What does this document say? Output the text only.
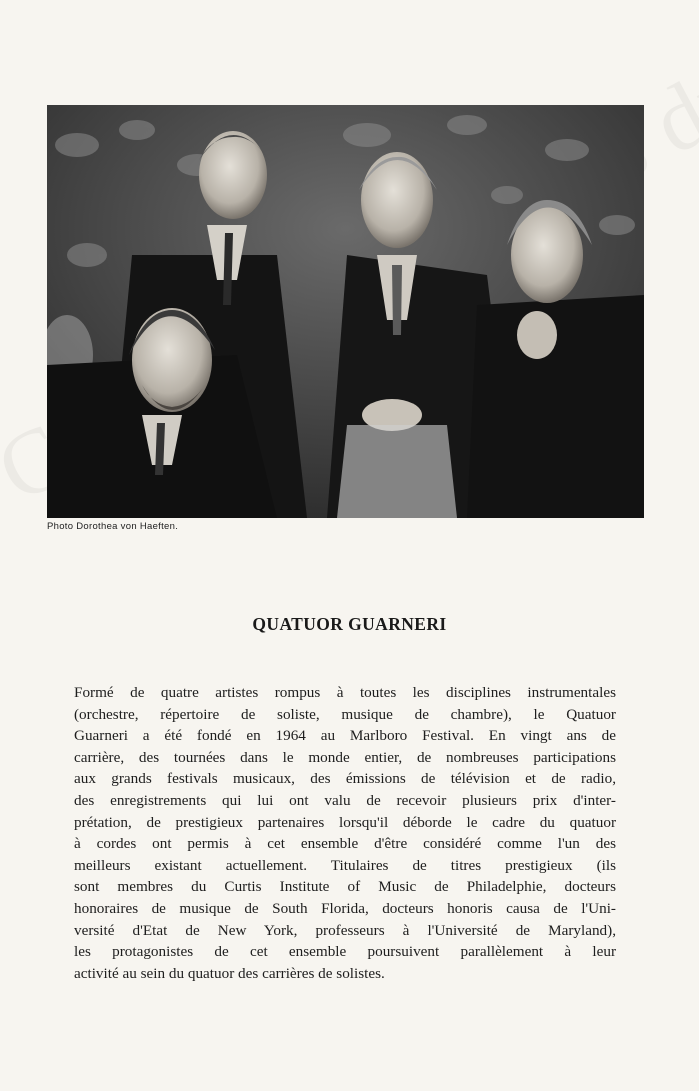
Photo Dorothea von Haeften.
QUATUOR GUARNERI
Formé de quatre artistes rompus à toutes les disciplines instrumentales
(orchestre, répertoire de soliste, musique de chambre), le Quatuor
Guarneri a été fondé en 1964 au Marlboro Festival. En vingt ans de
carrière, des tournées dans le monde entier, de nombreuses participations
aux grands festivals musicaux, des émissions de télévision et de radio,
des enregistrements qui lui ont valu de recevoir plusieurs prix d'inter-
prétation, de prestigieux partenaires lorsqu'il déborde le cadre du quatuor
à cordes ont permis à cet ensemble d'être considéré comme l'un des
meilleurs existant actuellement. Titulaires de titres prestigieux (ils
sont membres du Curtis Institute of Music de Philadelphie, docteurs
honoraires de musique de South Florida, docteurs honoris causa de l'Uni-
versité d'Etat de New York, professeurs à l'Université de Maryland),
les protagonistes de cet ensemble poursuivent parallèlement à leur
activité au sein du quatuor des carrières de solistes.
